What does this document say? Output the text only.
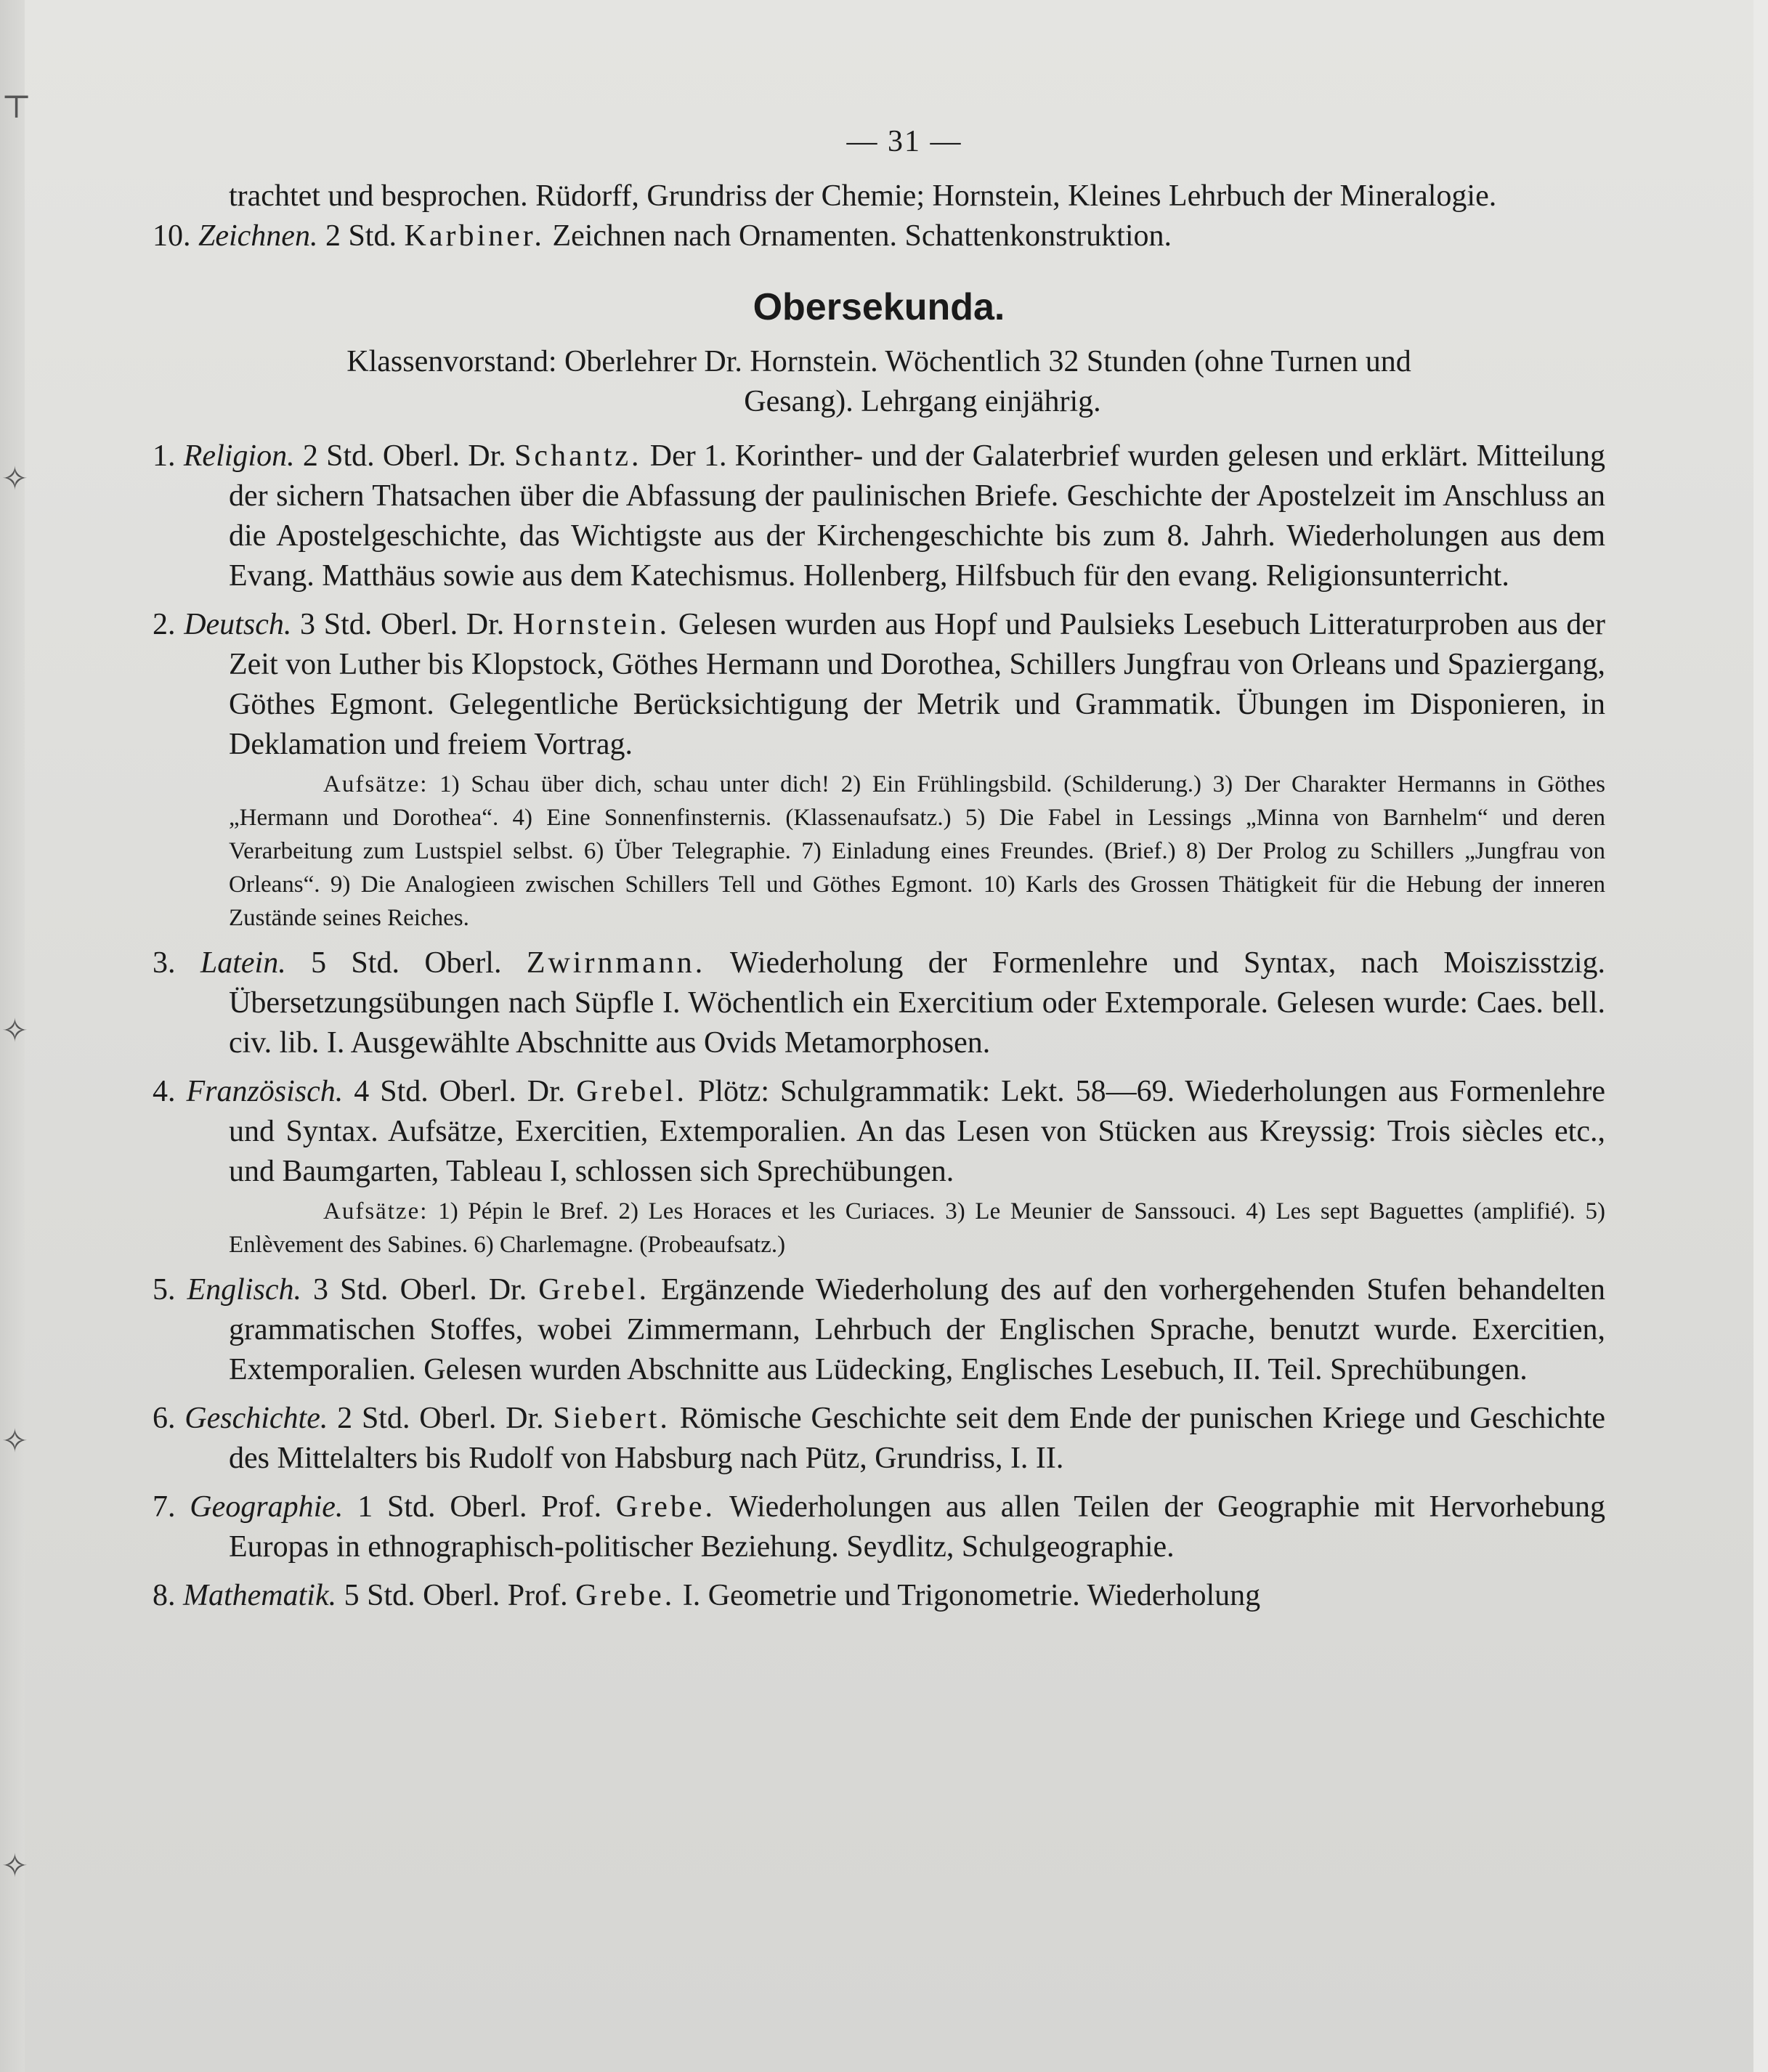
⊤
✧
✧
✧
✧
— 31 —

trachtet und besprochen. Rüdorff, Grundriss der Chemie; Hornstein, Kleines Lehrbuch der Mineralogie.

10. Zeichnen. 2 Std. Karbiner. Zeichnen nach Ornamenten. Schattenkonstruktion.

Obersekunda.
Klassenvorstand: Oberlehrer Dr. Hornstein. Wöchentlich 32 Stunden (ohne Turnen und
Gesang). Lehrgang einjährig.

1. Religion. 2 Std. Oberl. Dr. Schantz. Der 1. Korinther- und der Galaterbrief wurden gelesen und erklärt. Mitteilung der sichern Thatsachen über die Abfassung der paulinischen Briefe. Geschichte der Apostelzeit im Anschluss an die Apostelgeschichte, das Wichtigste aus der Kirchengeschichte bis zum 8. Jahrh. Wiederholungen aus dem Evang. Matthäus sowie aus dem Katechismus. Hollenberg, Hilfsbuch für den evang. Religionsunterricht.

2. Deutsch. 3 Std. Oberl. Dr. Hornstein. Gelesen wurden aus Hopf und Paulsieks Lesebuch Litteraturproben aus der Zeit von Luther bis Klopstock, Göthes Hermann und Dorothea, Schillers Jungfrau von Orleans und Spaziergang, Göthes Egmont. Gelegentliche Berücksichtigung der Metrik und Grammatik. Übungen im Disponieren, in Deklamation und freiem Vortrag.

Aufsätze: 1) Schau über dich, schau unter dich! 2) Ein Frühlingsbild. (Schilderung.) 3) Der Charakter Hermanns in Göthes „Hermann und Dorothea“. 4) Eine Sonnenfinsternis. (Klassenaufsatz.) 5) Die Fabel in Lessings „Minna von Barnhelm“ und deren Verarbeitung zum Lustspiel selbst. 6) Über Telegraphie. 7) Einladung eines Freundes. (Brief.) 8) Der Prolog zu Schillers „Jungfrau von Orleans“. 9) Die Analogieen zwischen Schillers Tell und Göthes Egmont. 10) Karls des Grossen Thätigkeit für die Hebung der inneren Zustände seines Reiches.

3. Latein. 5 Std. Oberl. Zwirnmann. Wiederholung der Formenlehre und Syntax, nach Moiszisstzig. Übersetzungsübungen nach Süpfle I. Wöchentlich ein Exercitium oder Extemporale. Gelesen wurde: Caes. bell. civ. lib. I. Ausgewählte Abschnitte aus Ovids Metamorphosen.

4. Französisch. 4 Std. Oberl. Dr. Grebel. Plötz: Schulgrammatik: Lekt. 58—69. Wiederholungen aus Formenlehre und Syntax. Aufsätze, Exercitien, Extemporalien. An das Lesen von Stücken aus Kreyssig: Trois siècles etc., und Baumgarten, Tableau I, schlossen sich Sprechübungen.

Aufsätze: 1) Pépin le Bref. 2) Les Horaces et les Curiaces. 3) Le Meunier de Sanssouci. 4) Les sept Baguettes (amplifié). 5) Enlèvement des Sabines. 6) Charlemagne. (Probeaufsatz.)

5. Englisch. 3 Std. Oberl. Dr. Grebel. Ergänzende Wiederholung des auf den vorhergehenden Stufen behandelten grammatischen Stoffes, wobei Zimmermann, Lehrbuch der Englischen Sprache, benutzt wurde. Exercitien, Extemporalien. Gelesen wurden Abschnitte aus Lüdecking, Englisches Lesebuch, II. Teil. Sprechübungen.

6. Geschichte. 2 Std. Oberl. Dr. Siebert. Römische Geschichte seit dem Ende der punischen Kriege und Geschichte des Mittelalters bis Rudolf von Habsburg nach Pütz, Grundriss, I. II.

7. Geographie. 1 Std. Oberl. Prof. Grebe. Wiederholungen aus allen Teilen der Geographie mit Hervorhebung Europas in ethnographisch-politischer Beziehung. Seydlitz, Schulgeographie.

8. Mathematik. 5 Std. Oberl. Prof. Grebe. I. Geometrie und Trigonometrie. Wiederholung
